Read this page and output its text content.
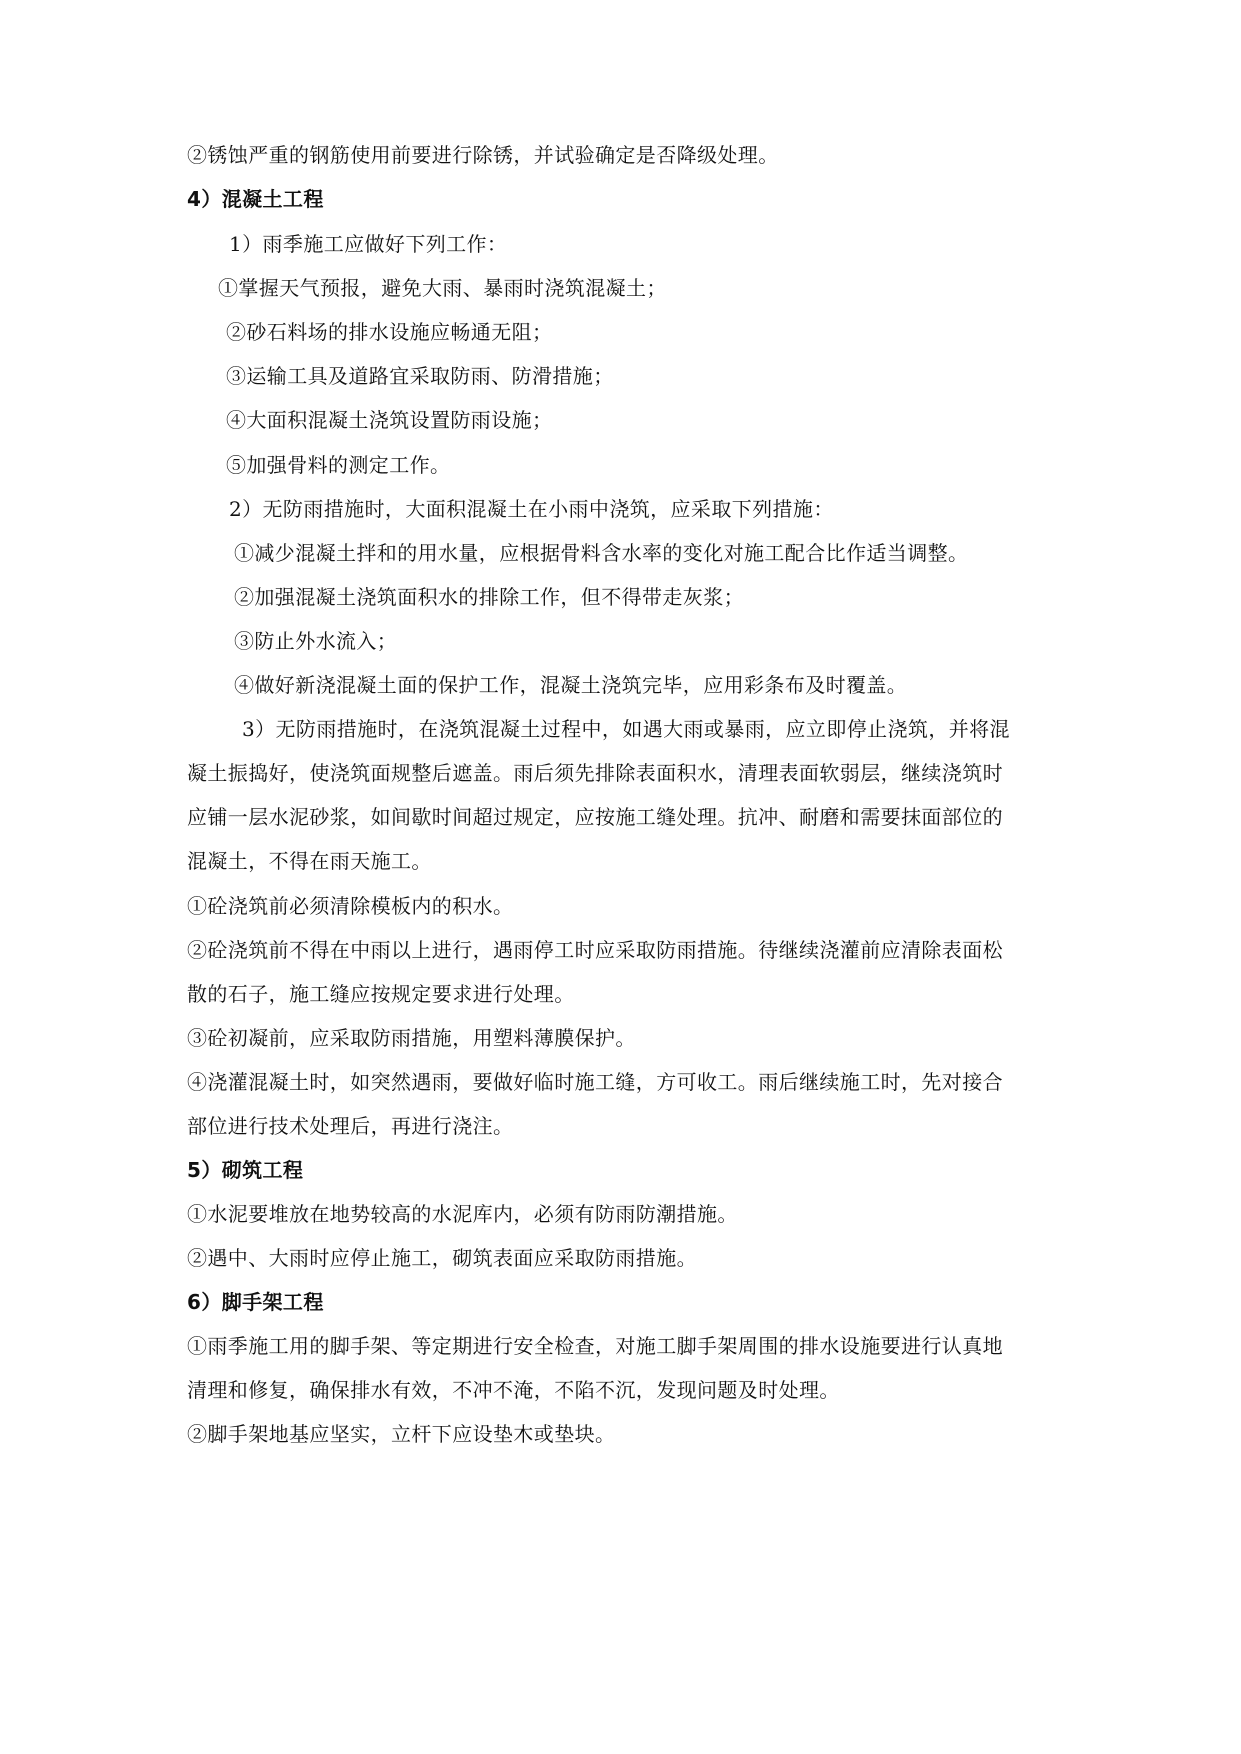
②锈蚀严重的钢筋使用前要进行除锈，并试验确定是否降级处理。
4）混凝土工程
1）雨季施工应做好下列工作：
①掌握天气预报，避免大雨、暴雨时浇筑混凝土；
②砂石料场的排水设施应畅通无阻；
③运输工具及道路宜采取防雨、防滑措施；
④大面积混凝土浇筑设置防雨设施；
⑤加强骨料的测定工作。
2）无防雨措施时，大面积混凝土在小雨中浇筑，应采取下列措施：
①减少混凝土拌和的用水量，应根据骨料含水率的变化对施工配合比作适当调整。
②加强混凝土浇筑面积水的排除工作，但不得带走灰浆；
③防止外水流入；
④做好新浇混凝土面的保护工作，混凝土浇筑完毕，应用彩条布及时覆盖。
3）无防雨措施时，在浇筑混凝土过程中，如遇大雨或暴雨，应立即停止浇筑，并将混
凝土振捣好，使浇筑面规整后遮盖。雨后须先排除表面积水，清理表面软弱层，继续浇筑时
应铺一层水泥砂浆，如间歇时间超过规定，应按施工缝处理。抗冲、耐磨和需要抹面部位的
混凝土，不得在雨天施工。
①砼浇筑前必须清除模板内的积水。
②砼浇筑前不得在中雨以上进行，遇雨停工时应采取防雨措施。待继续浇灌前应清除表面松
散的石子，施工缝应按规定要求进行处理。
③砼初凝前，应采取防雨措施，用塑料薄膜保护。
④浇灌混凝土时，如突然遇雨，要做好临时施工缝，方可收工。雨后继续施工时，先对接合
部位进行技术处理后，再进行浇注。
5）砌筑工程
①水泥要堆放在地势较高的水泥库内，必须有防雨防潮措施。
②遇中、大雨时应停止施工，砌筑表面应采取防雨措施。
6）脚手架工程
①雨季施工用的脚手架、等定期进行安全检查，对施工脚手架周围的排水设施要进行认真地
清理和修复，确保排水有效，不冲不淹，不陷不沉，发现问题及时处理。
②脚手架地基应坚实，立杆下应设垫木或垫块。
